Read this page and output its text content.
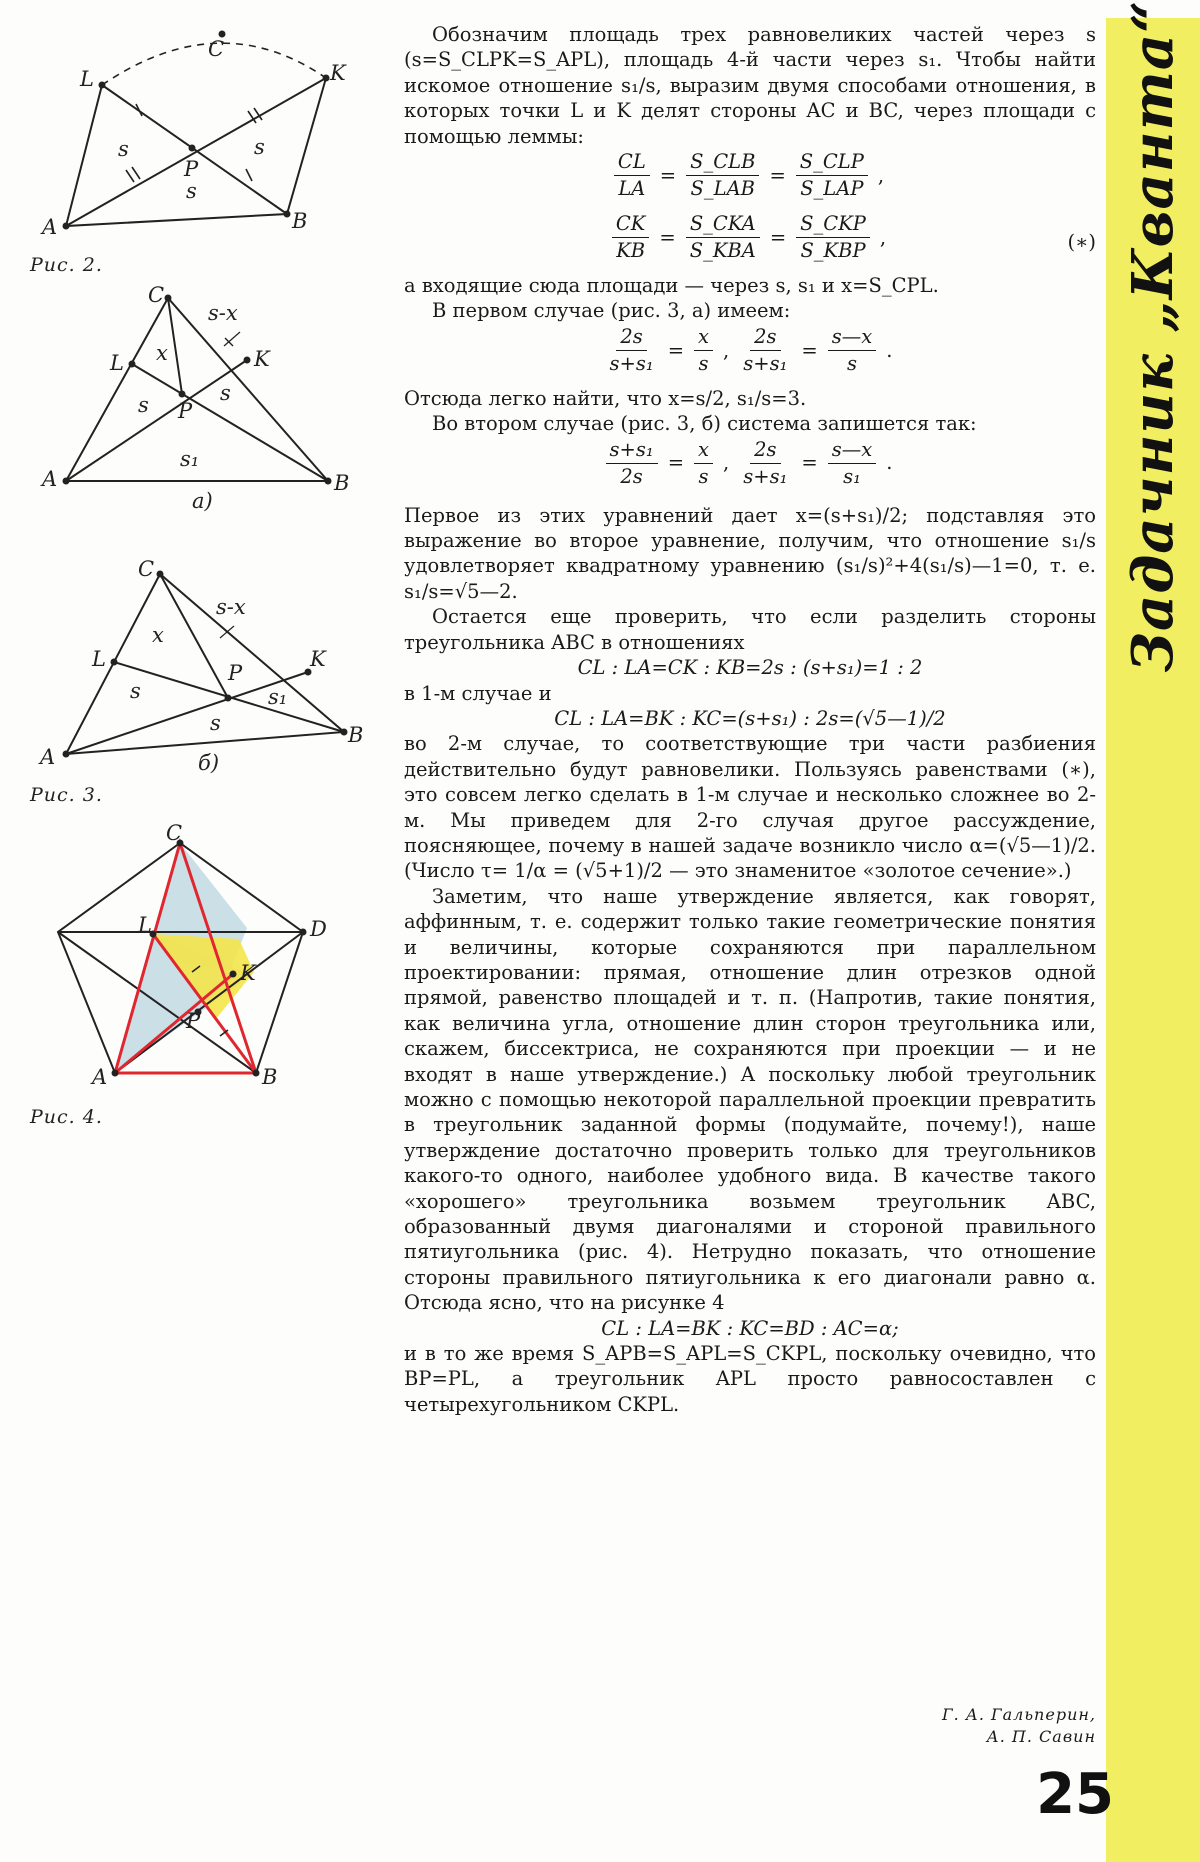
C
L	K
A	B
P
s	s
s
Рис. 2.
C
L	K
P
A	B
s-x
x
s	s
s₁
а)
C
L	K
P
A
B
s-x
x
s	s₁
s
б)
Рис. 3.
C
L
K
P
D
A	B
Рис. 4.
Задачник „Кванта“

Обозначим площадь трех равновеликих частей через s (s=S_CLPK=S_APL), площадь 4-й части через s₁. Чтобы найти искомое отношение s₁/s, выразим двумя способами отношения, в которых точки L и K делят стороны AC и BC, через площади с помощью леммы:

$\frac{CL}{LA} = \frac{\text{S\_CLB}}{\text{S\_LAB}} = \frac{\text{S\_CLP}}{\text{S\_LAP}}$ ,
$\frac{CK}{KB} = \frac{\text{S\_CKA}}{\text{S\_KBA}} = \frac{\text{S\_CKP}}{\text{S\_KBP}}$ ,	(∗)

а входящие сюда площади — через s, s₁ и x=S_CPL.

В первом случае (рис. 3, а) имеем:

$\frac{2s}{\text{s+s₁}} = \frac{x}{s}$ , $\frac{2s}{\text{s+s₁}} = \frac{s—x}{s}$ .

Отсюда легко найти, что x=s/2, s₁/s=3.

Во втором случае (рис. 3, б) система запишется так:

$\frac{\text{s+s₁}}{2s} = \frac{x}{s}$ , $\frac{2s}{\text{s+s₁}} = \frac{s—x}{\text{s₁}}$ .

Первое из этих уравнений дает x=(s+s₁)/2; подставляя это выражение во второе уравнение, получим, что отношение s₁/s удовлетворяет квадратному уравнению (s₁/s)²+4(s₁/s)—1=0, т. е. s₁/s=√5—2.

Остается еще проверить, что если разделить стороны треугольника ABC в отношениях

CL : LA=CK : KB=2s : (s+s₁)=1 : 2

в 1-м случае и

CL : LA=BK : KC=(s+s₁) : 2s=(√5—1)/2

во 2-м случае, то соответствующие три части разбиения действительно будут равновелики. Пользуясь равенствами (∗), это совсем легко сделать в 1-м случае и несколько сложнее во 2-м. Мы приведем для 2-го случая другое рассуждение, поясняющее, почему в нашей задаче возникло число α=(√5—1)/2. (Число τ= 1/α = (√5+1)/2 — это знаменитое «золотое сечение».)

Заметим, что наше утверждение является, как говорят, аффинным, т. е. содержит только такие геометрические понятия и величины, которые сохраняются при параллельном проектировании: прямая, отношение длин отрезков одной прямой, равенство площадей и т. п. (Напротив, такие понятия, как величина угла, отношение длин сторон треугольника или, скажем, биссектриса, не сохраняются при проекции — и не входят в наше утверждение.) А поскольку любой треугольник можно с помощью некоторой параллельной проекции превратить в треугольник заданной формы (подумайте, почему!), наше утверждение достаточно проверить только для треугольников какого-то одного, наиболее удобного вида. В качестве такого «хорошего» треугольника возьмем треугольник ABC, образованный двумя диагоналями и стороной правильного пятиугольника (рис. 4). Нетрудно показать, что отношение стороны правильного пятиугольника к его диагонали равно α. Отсюда ясно, что на рисунке 4

CL : LA=BK : KC=BD : AC=α;

и в то же время S_APB=S_APL=S_CKPL, поскольку очевидно, что BP=PL, а треугольник APL просто равносоставлен с четырехугольником CKPL.

Г. А. Гальперин,
А. П. Савин
25
